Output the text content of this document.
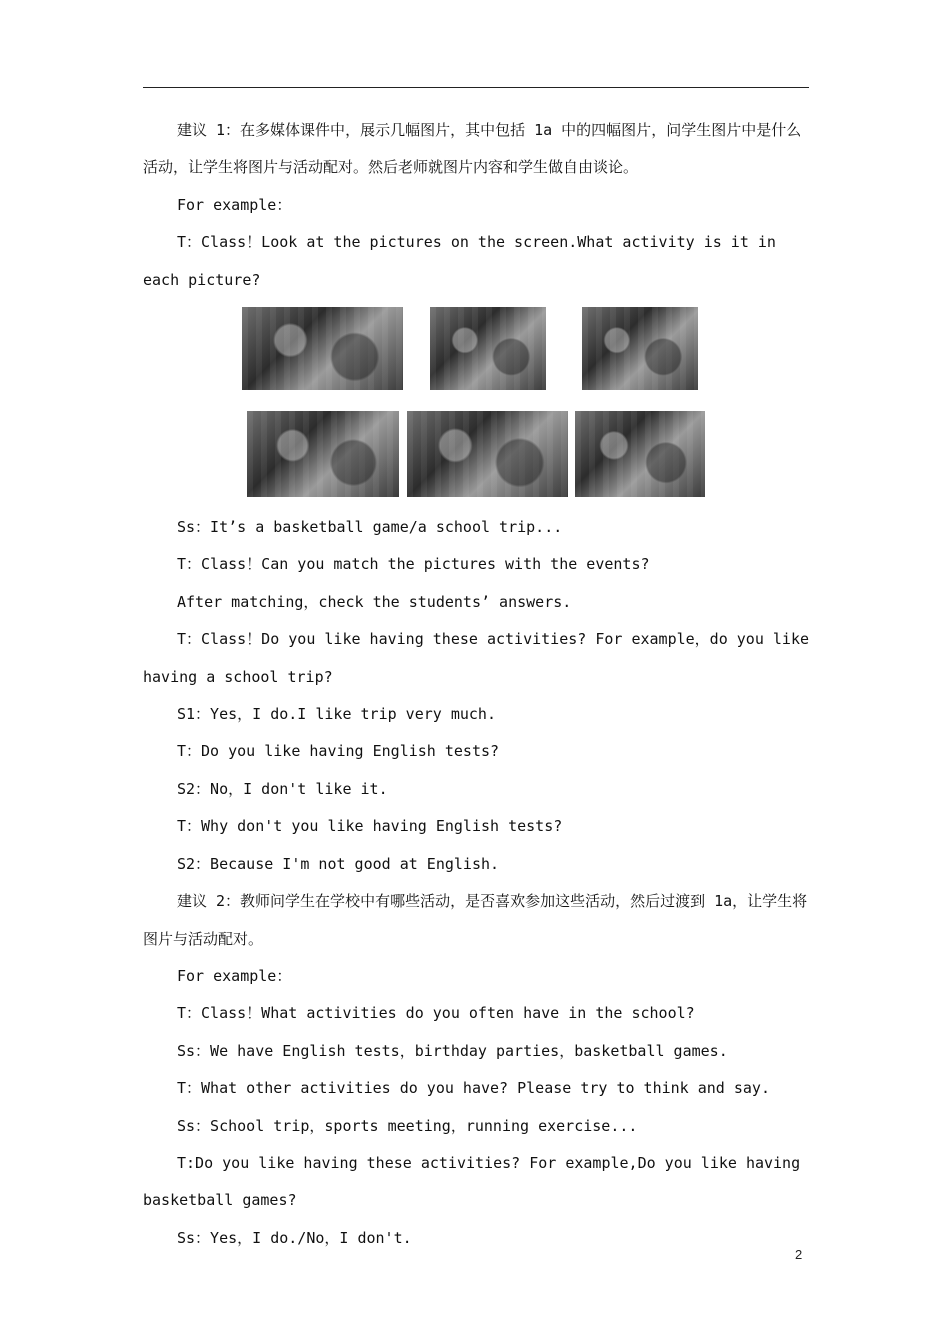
建议 1：在多媒体课件中，展示几幅图片，其中包括 1a 中的四幅图片，问学生图片中是什么活动，让学生将图片与活动配对。然后老师就图片内容和学生做自由谈论。

For example：

T：Class！Look at the pictures on the screen.What activity is it in each picture?

Ss：It’s a basketball game/a school trip...

T：Class！Can you match the pictures with the events?

After matching，check the students’ answers.

T：Class！Do you like having these activities? For example，do you like having a school trip?

S1：Yes，I do.I like trip very much.

T：Do you like having English tests?

S2：No，I don't like it.

T：Why don't you like having English tests?

S2：Because I'm not good at English.

建议 2：教师问学生在学校中有哪些活动，是否喜欢参加这些活动，然后过渡到 1a，让学生将图片与活动配对。

For example：

T：Class！What activities do you often have in the school?

Ss：We have English tests，birthday parties，basketball games.

T：What other activities do you have? Please try to think and say.

Ss：School trip，sports meeting，running exercise...

T:Do you like having these activities? For example,Do you like having basketball games?

Ss：Yes，I do./No，I don't.

2
